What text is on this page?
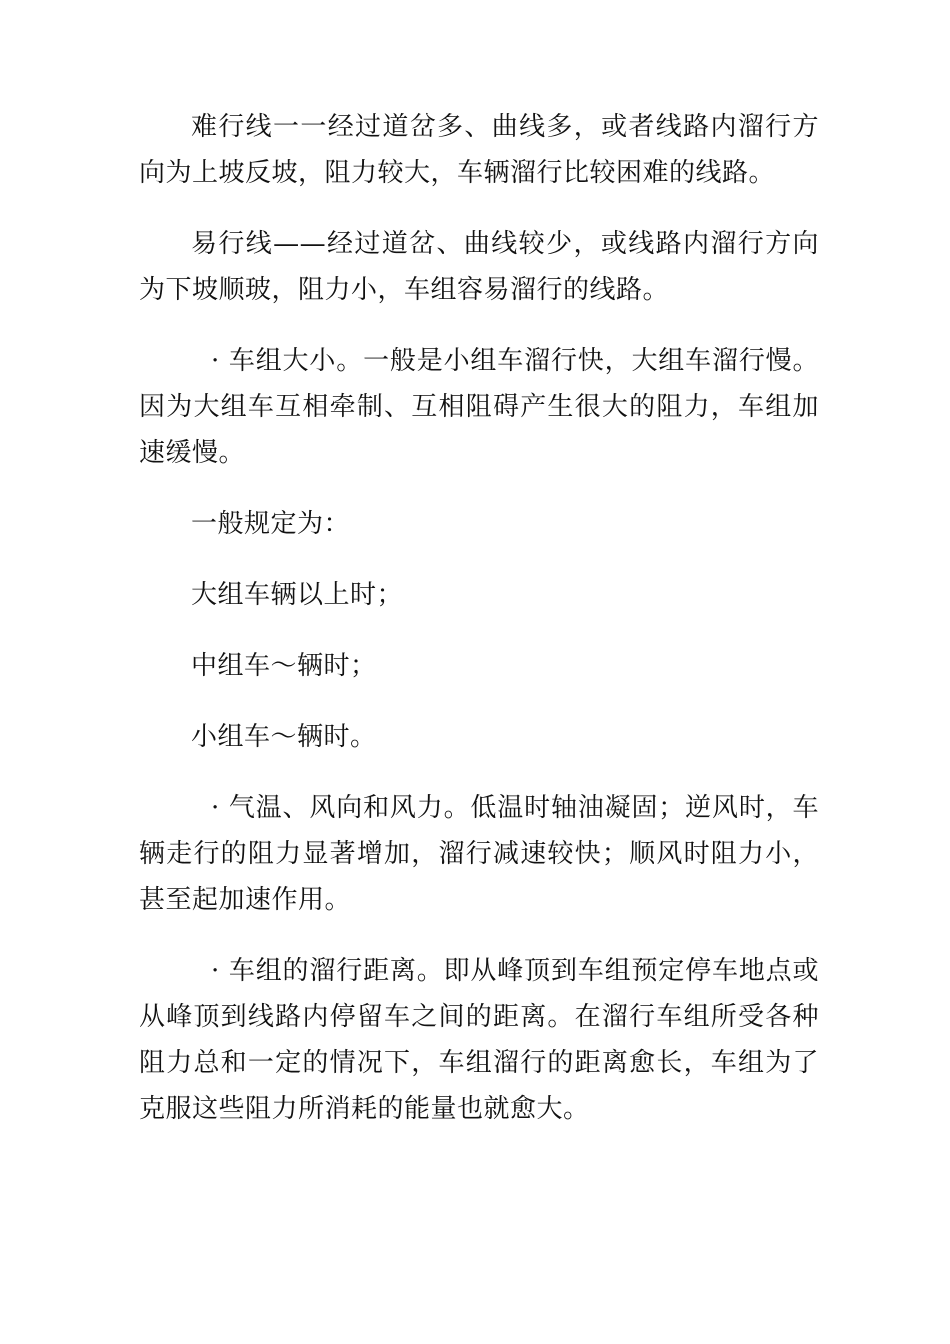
难行线一一经过道岔多、曲线多，或者线路内溜行方向为上坡反坡，阻力较大，车辆溜行比较困难的线路。

易行线——经过道岔、曲线较少，或线路内溜行方向为下坡顺玻，阻力小，车组容易溜行的线路。

· 车组大小。一般是小组车溜行快，大组车溜行慢。因为大组车互相牵制、互相阻碍产生很大的阻力，车组加速缓慢。

一般规定为：

大组车辆以上时；

中组车〜辆时；

小组车〜辆时。

· 气温、风向和风力。低温时轴油凝固；逆风时，车辆走行的阻力显著增加，溜行减速较快；顺风时阻力小，甚至起加速作用。

· 车组的溜行距离。即从峰顶到车组预定停车地点或从峰顶到线路内停留车之间的距离。在溜行车组所受各种阻力总和一定的情况下，车组溜行的距离愈长，车组为了克服这些阻力所消耗的能量也就愈大。
